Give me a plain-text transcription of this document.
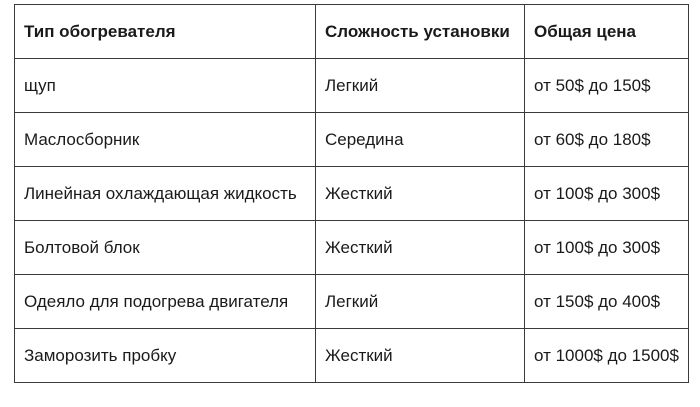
Тип обогревателя	Сложность установки	Общая цена
щуп	Легкий	от 50$ до 150$
Маслосборник	Середина	от 60$ до 180$
Линейная охлаждающая жидкость	Жесткий	от 100$ до 300$
Болтовой блок	Жесткий	от 100$ до 300$
Одеяло для подогрева двигателя	Легкий	от 150$ до 400$
Заморозить пробку	Жесткий	от 1000$ до 1500$
